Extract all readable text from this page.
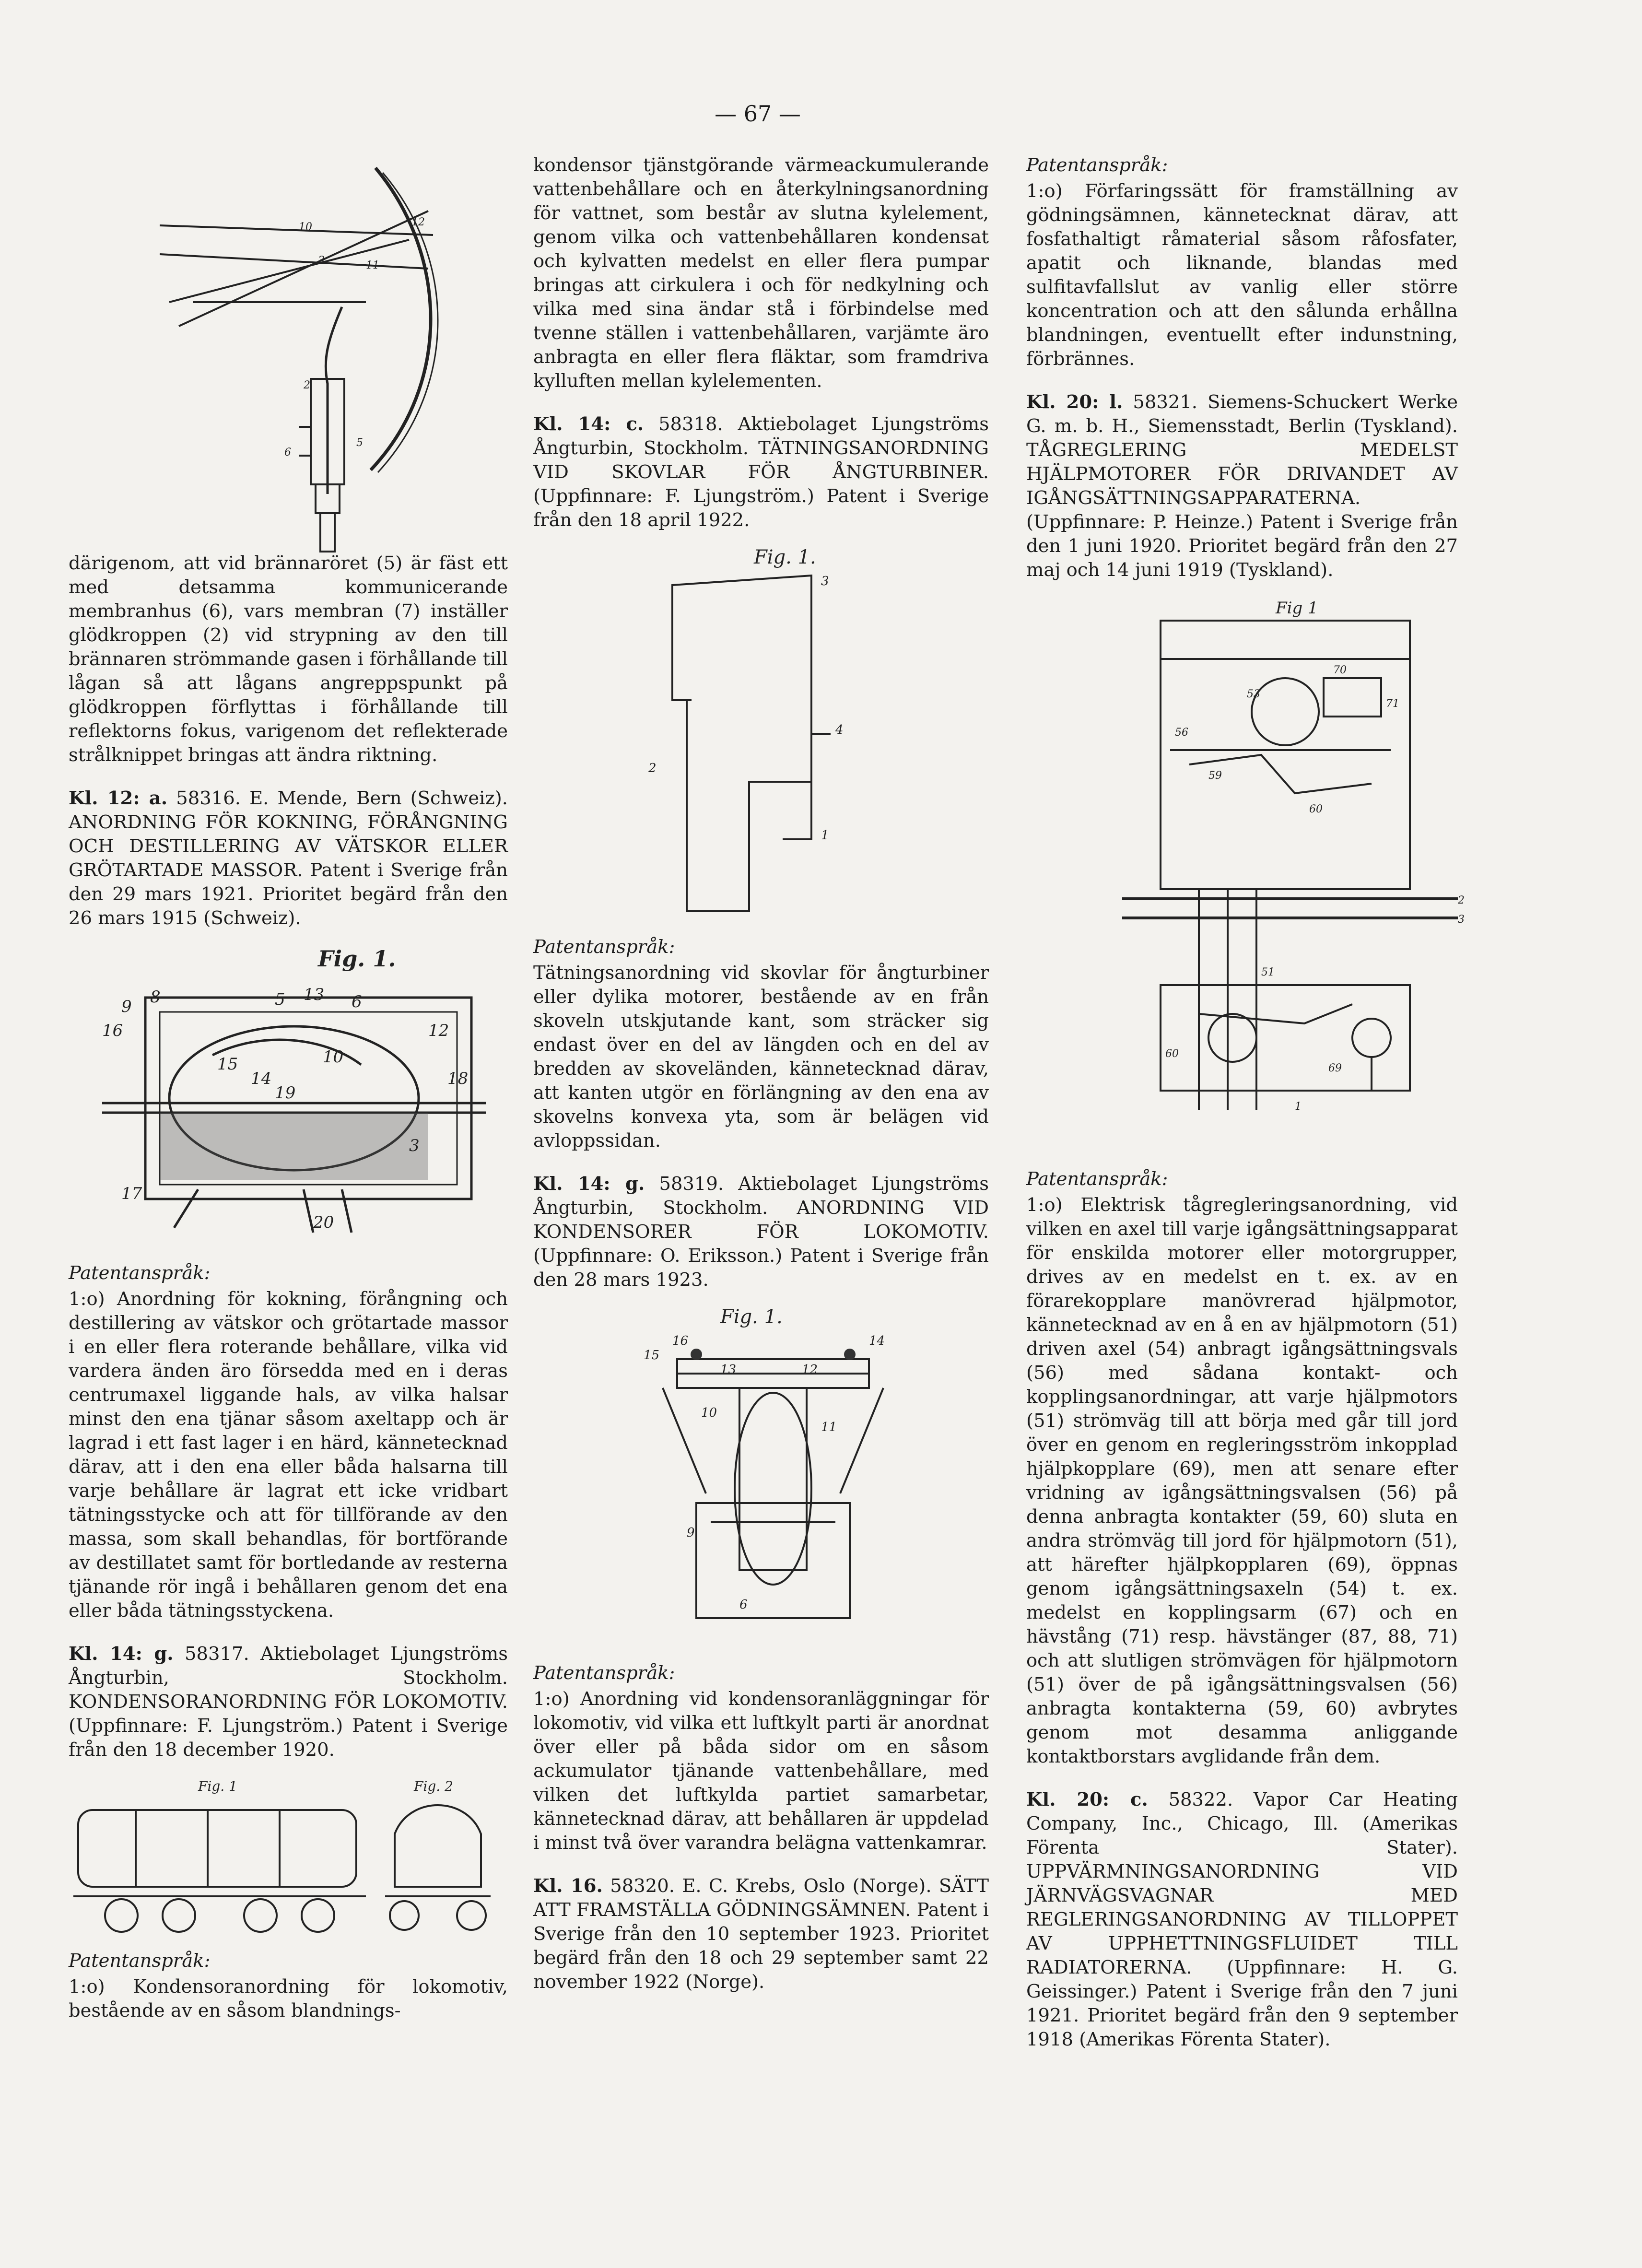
— 67 —
10	12
3	11
2
6
5

därigenom, att vid brännaröret (5) är fäst ett med detsamma kommunicerande membranhus (6), vars membran (7) inställer glödkroppen (2) vid strypning av den till brännaren strömmande gasen i förhållande till lågan så att lågans angreppspunkt på glödkroppen förflyttas i förhållande till reflektorns fokus, varigenom det reflekterade strålknippet bringas att ändra riktning.

Kl. 12: a. 58316. E. Mende, Bern (Schweiz). ANORDNING FÖR KOKNING, FÖRÅNGNING OCH DESTILLERING AV VÄTSKOR ELLER GRÖTARTADE MASSOR. Patent i Sverige från den 29 mars 1921. Prioritet begärd från den 26 mars 1915 (Schweiz).

Fig. 1.
9 8	5 13 6
12
16
15
14
19
10
3
17
20
18

Patentanspråk:

1:o) Anordning för kokning, förångning och destillering av vätskor och grötartade massor i en eller flera roterande behållare, vilka vid vardera änden äro försedda med en i deras centrumaxel liggande hals, av vilka halsar minst den ena tjänar såsom axeltapp och är lagrad i ett fast lager i en härd, kännetecknad därav, att i den ena eller båda halsarna till varje behållare är lagrat ett icke vridbart tätningsstycke och att för tillförande av den massa, som skall behandlas, för bortförande av destillatet samt för bortledande av resterna tjänande rör ingå i behållaren genom det ena eller båda tätningsstyckena.

Kl. 14: g. 58317. Aktiebolaget Ljungströms Ångturbin, Stockholm. KONDENSORANORDNING FÖR LOKOMOTIV. (Uppfinnare: F. Ljungström.) Patent i Sverige från den 18 december 1920.

Fig. 1	Fig. 2

Patentanspråk:

1:o) Kondensoranordning för lokomotiv, bestående av en såsom blandnings-

kondensor tjänstgörande värmeackumulerande vattenbehållare och en återkylningsanordning för vattnet, som består av slutna kylelement, genom vilka och vattenbehållaren kondensat och kylvatten medelst en eller flera pumpar bringas att cirkulera i och för nedkylning och vilka med sina ändar stå i förbindelse med tvenne ställen i vattenbehållaren, varjämte äro anbragta en eller flera fläktar, som framdriva kylluften mellan kylelementen.

Kl. 14: c. 58318. Aktiebolaget Ljungströms Ångturbin, Stockholm. TÄTNINGSANORDNING VID SKOVLAR FÖR ÅNGTURBINER. (Uppfinnare: F. Ljungström.) Patent i Sverige från den 18 april 1922.

Fig. 1.
3
4
2
1

Patentanspråk:

Tätningsanordning vid skovlar för ångturbiner eller dylika motorer, bestående av en från skoveln utskjutande kant, som sträcker sig endast över en del av längden och en del av bredden av skoveländen, kännetecknad därav, att kanten utgör en förlängning av den ena av skovelns konvexa yta, som är belägen vid avloppssidan.

Kl. 14: g. 58319. Aktiebolaget Ljungströms Ångturbin, Stockholm. ANORDNING VID KONDENSORER FÖR LOKOMOTIV. (Uppfinnare: O. Eriksson.) Patent i Sverige från den 28 mars 1923.

Fig. 1.
15
16	14
13	12
10
11
9
6

Patentanspråk:

1:o) Anordning vid kondensoranläggningar för lokomotiv, vid vilka ett luftkylt parti är anordnat över eller på båda sidor om en såsom ackumulator tjänande vattenbehållare, med vilken det luftkylda partiet samarbetar, kännetecknad därav, att behållaren är uppdelad i minst två över varandra belägna vattenkamrar.

Kl. 16. 58320. E. C. Krebs, Oslo (Norge). SÄTT ATT FRAMSTÄLLA GÖDNINGSÄMNEN. Patent i Sverige från den 10 september 1923. Prioritet begärd från den 18 och 29 september samt 22 november 1922 (Norge).

Patentanspråk:

1:o) Förfaringssätt för framställning av gödningsämnen, kännetecknat därav, att fosfathaltigt råmaterial såsom råfosfater, apatit och liknande, blandas med sulfitavfallslut av vanlig eller större koncentration och att den sålunda erhållna blandningen, eventuellt efter indunstning, förbrännes.

Kl. 20: l. 58321. Siemens-Schuckert Werke G. m. b. H., Siemensstadt, Berlin (Tyskland). TÅGREGLERING MEDELST HJÄLPMOTORER FÖR DRIVANDET AV IGÅNGSÄTTNINGSAPPARATERNA. (Uppfinnare: P. Heinze.) Patent i Sverige från den 1 juni 1920. Prioritet begärd från den 27 maj och 14 juni 1919 (Tyskland).

Fig 1
53
70
71
56
59
60
2
3
51
60
69
1

Patentanspråk:

1:o) Elektrisk tågregleringsanordning, vid vilken en axel till varje igångsättningsapparat för enskilda motorer eller motorgrupper, drives av en medelst en t. ex. av en förarekopplare manövrerad hjälpmotor, kännetecknad av en å en av hjälpmotorn (51) driven axel (54) anbragt igångsättningsvals (56) med sådana kontakt- och kopplingsanordningar, att varje hjälpmotors (51) strömväg till att börja med går till jord över en genom en regleringsström inkopplad hjälpkopplare (69), men att senare efter vridning av igångsättningsvalsen (56) på denna anbragta kontakter (59, 60) sluta en andra strömväg till jord för hjälpmotorn (51), att härefter hjälpkopplaren (69), öppnas genom igångsättningsaxeln (54) t. ex. medelst en kopplingsarm (67) och en hävstång (71) resp. hävstänger (87, 88, 71) och att slutligen strömvägen för hjälpmotorn (51) över de på igångsättningsvalsen (56) anbragta kontakterna (59, 60) avbrytes genom mot desamma anliggande kontaktborstars avglidande från dem.

Kl. 20: c. 58322. Vapor Car Heating Company, Inc., Chicago, Ill. (Amerikas Förenta Stater). UPPVÄRMNINGSANORDNING VID JÄRNVÄGSVAGNAR MED REGLERINGSANORDNING AV TILLOPPET AV UPPHETTNINGSFLUIDET TILL RADIATORERNA. (Uppfinnare: H. G. Geissinger.) Patent i Sverige från den 7 juni 1921. Prioritet begärd från den 9 september 1918 (Amerikas Förenta Stater).
